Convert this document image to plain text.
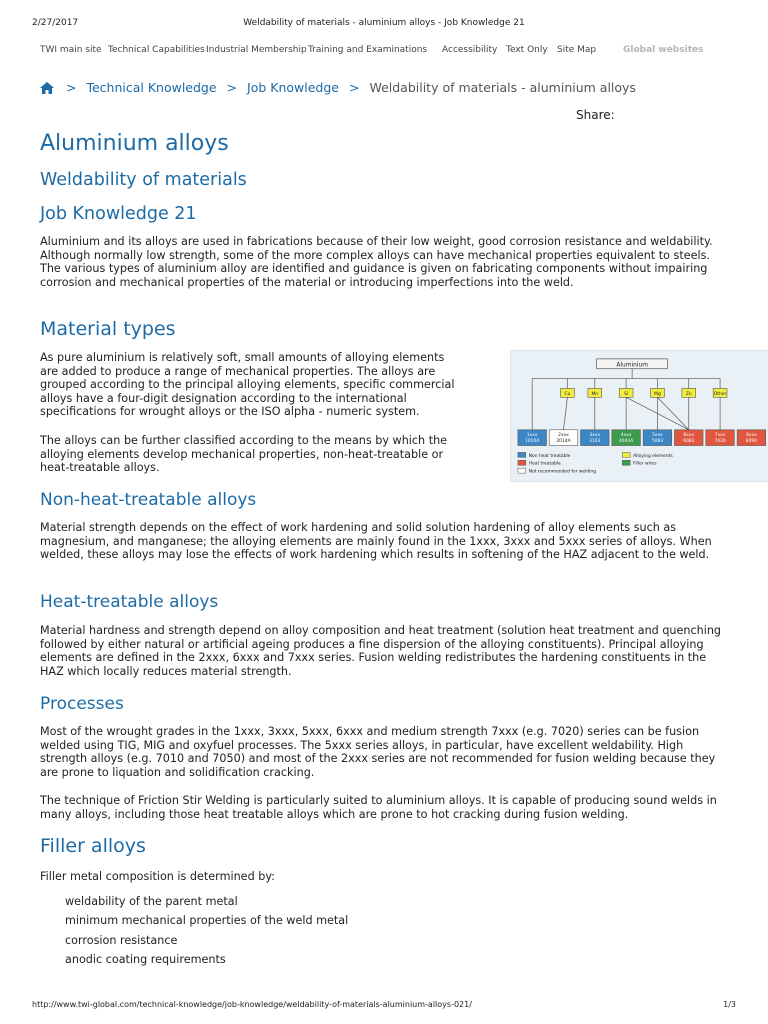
2/27/2017	Weldability of materials - aluminium alloys - Job Knowledge 21
TWI main site Technical Capabilities Industrial Membership Training and Examinations Accessibility Text Only Site Map	Global websites
> Technical Knowledge > Job Knowledge > Weldability of materials - aluminium alloys
Share:
Aluminium alloys
Weldability of materials
Job Knowledge 21

Aluminium and its alloys are used in fabrications because of their low weight, good corrosion resistance and weldability. Although normally low strength, some of the more complex alloys can have mechanical properties equivalent to steels. The various types of aluminium alloy are identified and guidance is given on fabricating components without impairing corrosion and mechanical properties of the material or introducing imperfections into the weld.

Material types

As pure aluminium is relatively soft, small amounts of alloying elements are added to produce a range of mechanical properties. The alloys are grouped according to the principal alloying elements, specific commercial alloys have a four-digit designation according to the international specifications for wrought alloys or the ISO alpha - numeric system.

The alloys can be further classified according to the means by which the alloying elements develop mechanical properties, non-heat-treatable or heat-treatable alloys.

Non-heat-treatable alloys

Material strength depends on the effect of work hardening and solid solution hardening of alloy elements such as magnesium, and manganese; the alloying elements are mainly found in the 1xxx, 3xxx and 5xxx series of alloys. When welded, these alloys may lose the effects of work hardening which results in softening of the HAZ adjacent to the weld.

Heat-treatable alloys

Material hardness and strength depend on alloy composition and heat treatment (solution heat treatment and quenching followed by either natural or artificial ageing produces a fine dispersion of the alloying constituents). Principal alloying elements are defined in the 2xxx, 6xxx and 7xxx series. Fusion welding redistributes the hardening constituents in the HAZ which locally reduces material strength.

Processes

Most of the wrought grades in the 1xxx, 3xxx, 5xxx, 6xxx and medium strength 7xxx (e.g. 7020) series can be fusion welded using TIG, MIG and oxyfuel processes. The 5xxx series alloys, in particular, have excellent weldability. High strength alloys (e.g. 7010 and 7050) and most of the 2xxx series are not recommended for fusion welding because they are prone to liquation and solidification cracking.

The technique of Friction Stir Welding is particularly suited to aluminium alloys. It is capable of producing sound welds in many alloys, including those heat treatable alloys which are prone to hot cracking during fusion welding.

Filler alloys

Filler metal composition is determined by:

weldability of the parent metal
minimum mechanical properties of the weld metal
corrosion resistance
anodic coating requirements
Aluminium
Cu	Mn	Si	Mg	Zn	Other
1xxx
1050A
2xxx
2014A
3xxx
3103
4xxx
4043A
5xxx
5083
6xxx
6082
7xxx
7020
8xxx
8090
Non heat treatable	Alloying elements
Heat treatable	Filler wires
Not recommended for welding
http://www.twi-global.com/technical-knowledge/job-knowledge/weldability-of-materials-aluminium-alloys-021/	1/3
